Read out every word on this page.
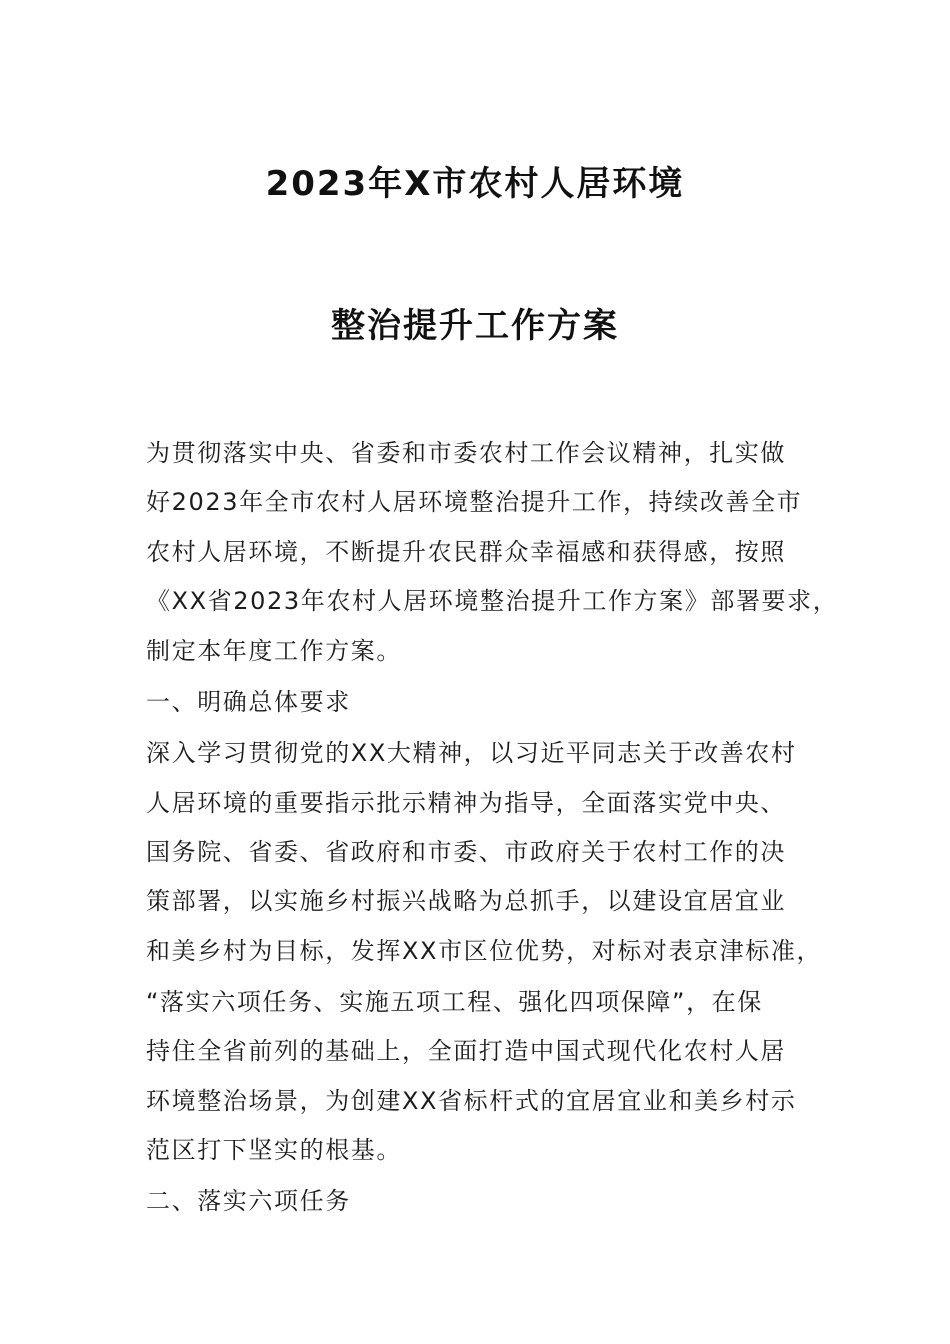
2023年X市农村人居环境
整治提升工作方案
为贯彻落实中央、省委和市委农村工作会议精神，扎实做
好2023年全市农村人居环境整治提升工作，持续改善全市
农村人居环境，不断提升农民群众幸福感和获得感，按照
《XX省2023年农村人居环境整治提升工作方案》部署要求，
制定本年度工作方案。
一、明确总体要求
深入学习贯彻党的XX大精神，以习近平同志关于改善农村
人居环境的重要指示批示精神为指导，全面落实党中央、
国务院、省委、省政府和市委、市政府关于农村工作的决
策部署，以实施乡村振兴战略为总抓手，以建设宜居宜业
和美乡村为目标，发挥XX市区位优势，对标对表京津标准，
“落实六项任务、实施五项工程、强化四项保障”，在保
持住全省前列的基础上，全面打造中国式现代化农村人居
环境整治场景，为创建XX省标杆式的宜居宜业和美乡村示
范区打下坚实的根基。
二、落实六项任务
